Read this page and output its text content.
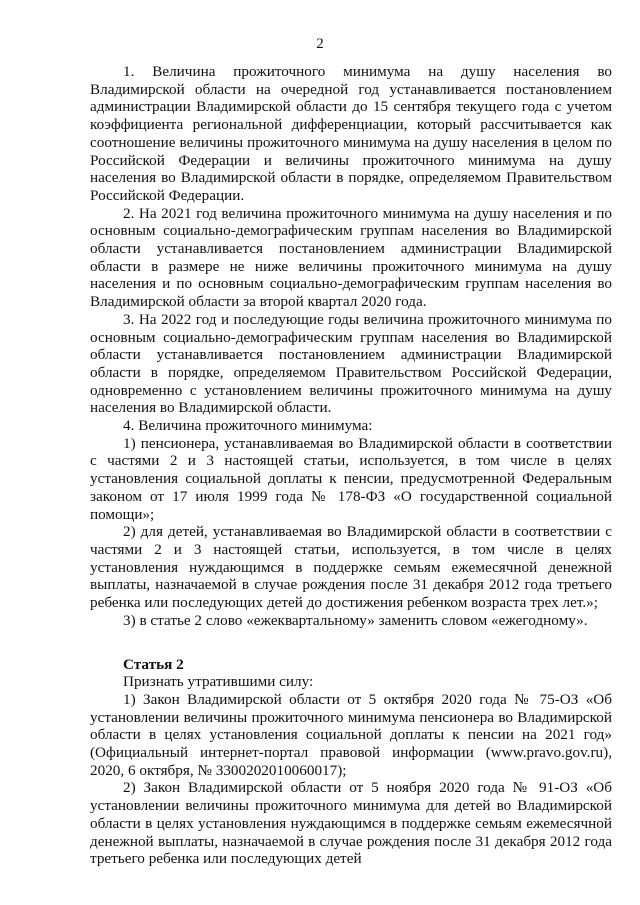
2

1. Величина прожиточного минимума на душу населения во Владимирской области на очередной год устанавливается постановлением администрации Владимирской области до 15 сентября текущего года с учетом коэффициента региональной дифференциации, который рассчитывается как соотношение величины прожиточного минимума на душу населения в целом по Российской Федерации и величины прожиточного минимума на душу населения во Владимирской области в порядке, определяемом Правительством Российской Федерации.

2. На 2021 год величина прожиточного минимума на душу населения и по основным социально-демографическим группам населения во Владимирской области устанавливается постановлением администрации Владимирской области в размере не ниже величины прожиточного минимума на душу населения и по основным социально-демографическим группам населения во Владимирской области за второй квартал 2020 года.

3. На 2022 год и последующие годы величина прожиточного минимума по основным социально-демографическим группам населения во Владимирской области устанавливается постановлением администрации Владимирской области в порядке, определяемом Правительством Российской Федерации, одновременно с установлением величины прожиточного минимума на душу населения во Владимирской области.

4. Величина прожиточного минимума:

1) пенсионера, устанавливаемая во Владимирской области в соответствии с частями 2 и 3 настоящей статьи, используется, в том числе в целях установления социальной доплаты к пенсии, предусмотренной Федеральным законом от 17 июля 1999 года № 178-ФЗ «О государственной социальной помощи»;

2) для детей, устанавливаемая во Владимирской области в соответствии с частями 2 и 3 настоящей статьи, используется, в том числе в целях установления нуждающимся в поддержке семьям ежемесячной денежной выплаты, назначаемой в случае рождения после 31 декабря 2012 года третьего ребенка или последующих детей до достижения ребенком возраста трех лет.»;

3) в статье 2 слово «ежеквартальному» заменить словом «ежегодному».

Статья 2

Признать утратившими силу:

1) Закон Владимирской области от 5 октября 2020 года № 75-ОЗ «Об установлении величины прожиточного минимума пенсионера во Владимирской области в целях установления социальной доплаты к пенсии на 2021 год» (Официальный интернет-портал правовой информации (www.pravo.gov.ru), 2020, 6 октября, № 3300202010060017);

2) Закон Владимирской области от 5 ноября 2020 года № 91-ОЗ «Об установлении величины прожиточного минимума для детей во Владимирской области в целях установления нуждающимся в поддержке семьям ежемесячной денежной выплаты, назначаемой в случае рождения после 31 декабря 2012 года третьего ребенка или последующих детей
